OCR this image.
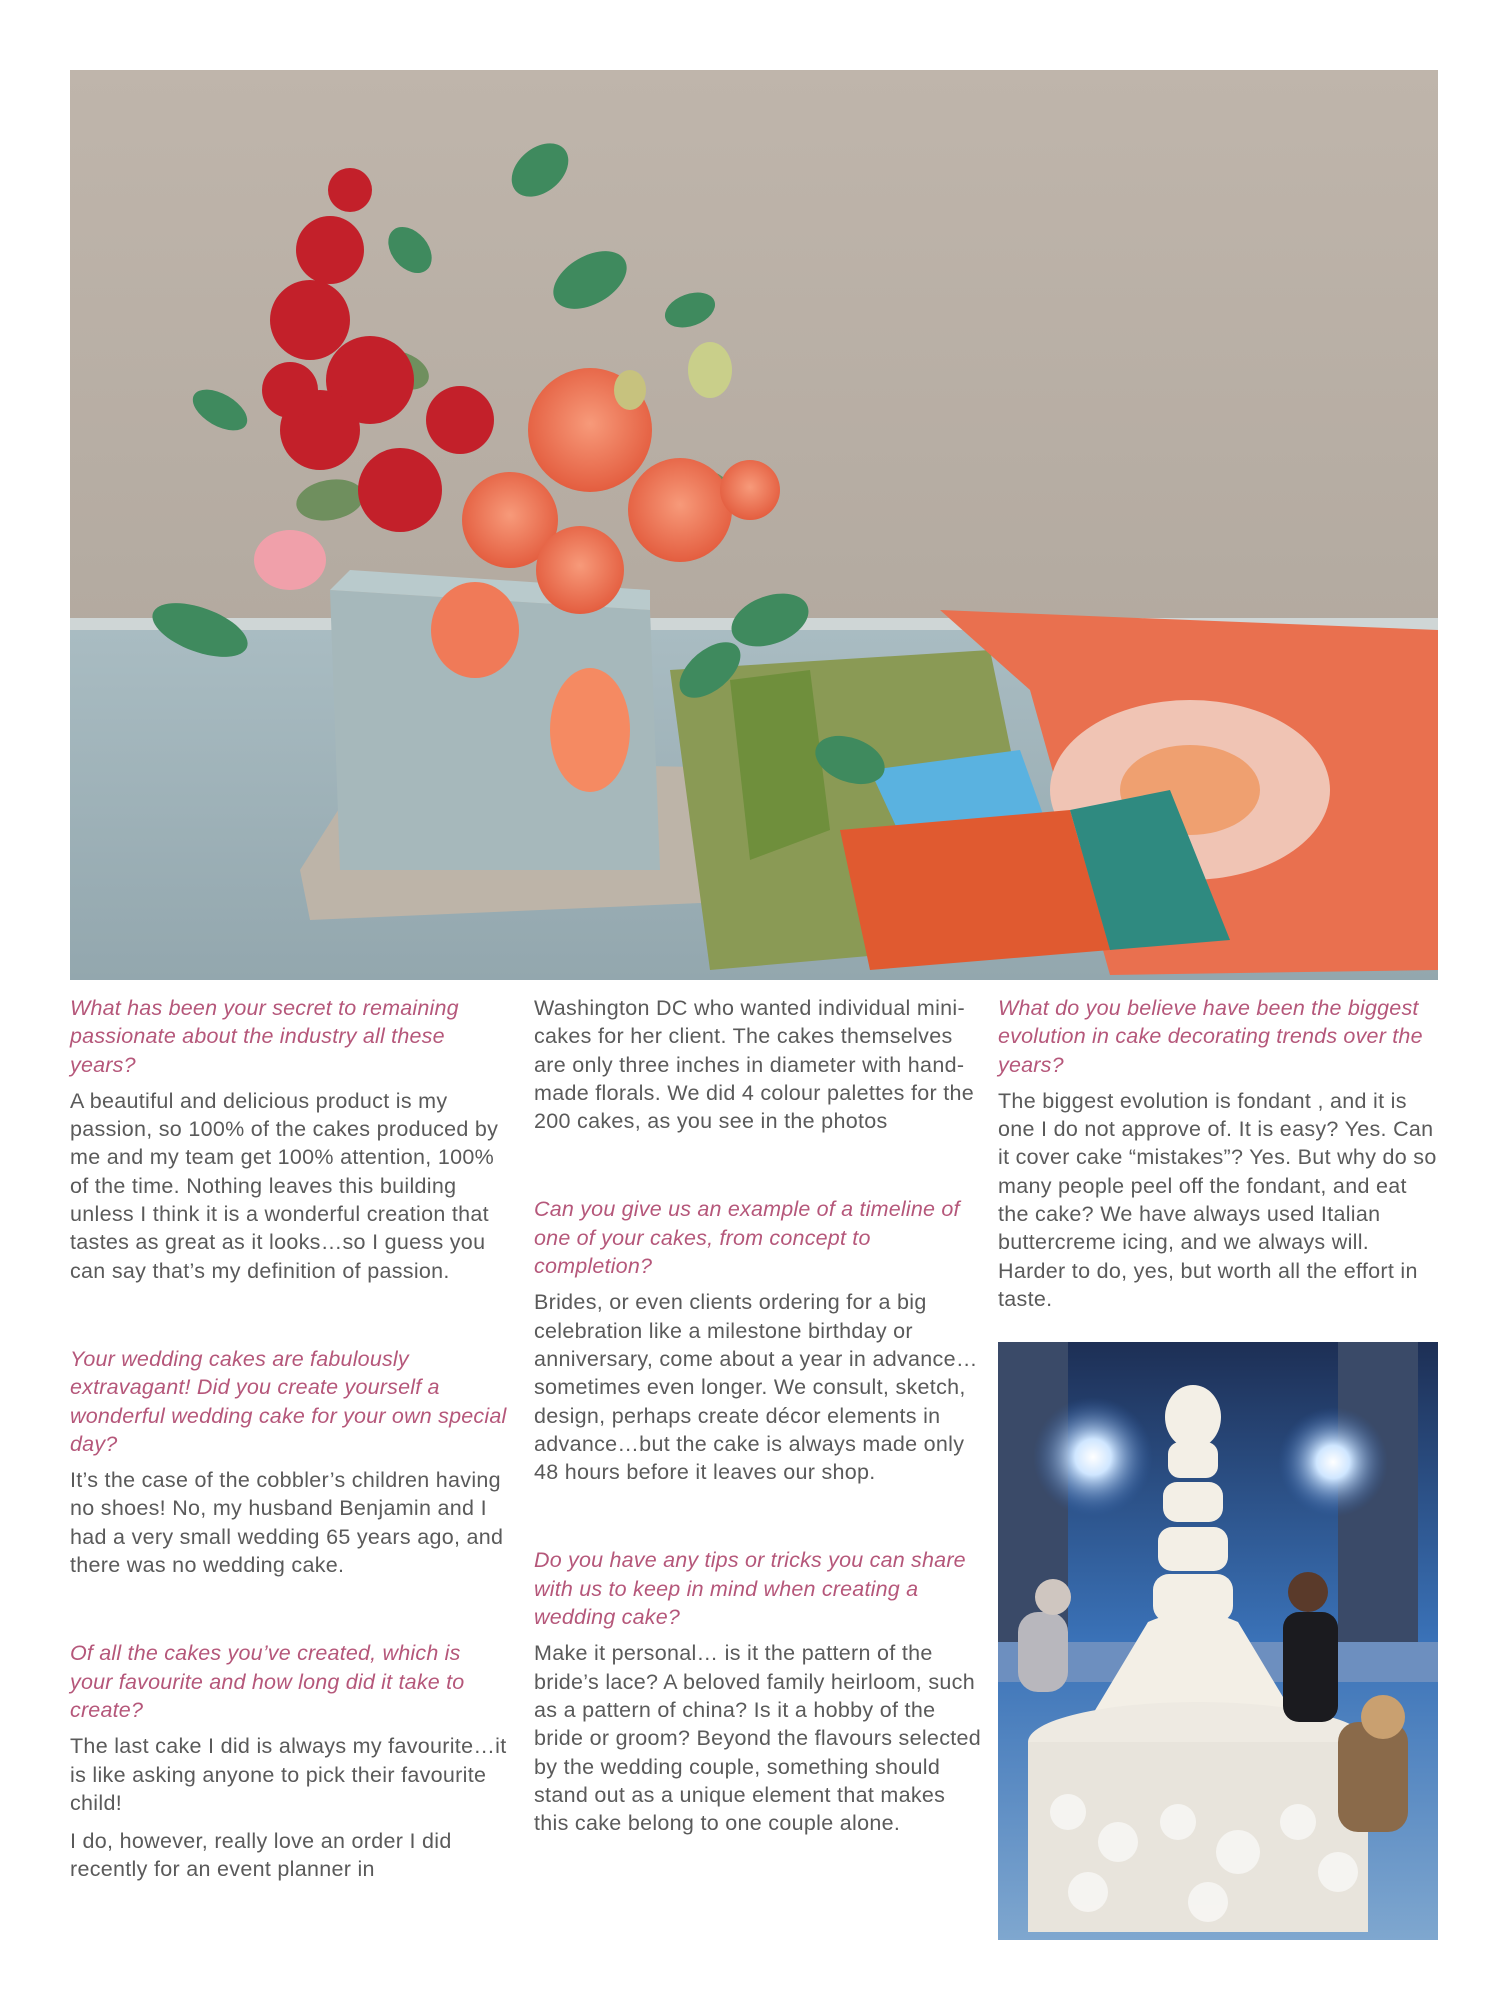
What has been your secret to remaining passionate about the industry all these years?

A beautiful and delicious product is my passion, so 100% of the cakes produced by me and my team get 100% attention, 100% of the time. Nothing leaves this building unless I think it is a wonderful creation that tastes as great as it looks…so I guess you can say that’s my definition of passion.

Your wedding cakes are fabulously extravagant! Did you create yourself a wonderful wedding cake for your own special day?

It’s the case of the cobbler’s children having no shoes! No, my husband Benjamin and I had a very small wedding 65 years ago, and there was no wedding cake.

Of all the cakes you’ve created, which is your favourite and how long did it take to create?

The last cake I did is always my favourite…it is like asking anyone to pick their favourite child!

I do, however, really love an order I did recently for an event planner in

Washington DC who wanted individual mini-cakes for her client. The cakes themselves are only three inches in diameter with hand-made florals. We did 4 colour palettes for the 200 cakes, as you see in the photos

Can you give us an example of a timeline of one of your cakes, from concept to completion?

Brides, or even clients ordering for a big celebration like a milestone birthday or anniversary, come about a year in advance…sometimes even longer. We consult, sketch, design, perhaps create décor elements in advance…but the cake is always made only 48 hours before it leaves our shop.

Do you have any tips or tricks you can share with us to keep in mind when creating a wedding cake?

Make it personal… is it the pattern of the bride’s lace? A beloved family heirloom, such as a pattern of china? Is it a hobby of the bride or groom? Beyond the flavours selected by the wedding couple, something should stand out as a unique element that makes this cake belong to one couple alone.

What do you believe have been the biggest evolution in cake decorating trends over the years?

The biggest evolution is fondant , and it is one I do not approve of. It is easy? Yes. Can it cover cake “mistakes”? Yes. But why do so many people peel off the fondant, and eat the cake? We have always used Italian buttercreme icing, and we always will. Harder to do, yes, but worth all the effort in taste.
